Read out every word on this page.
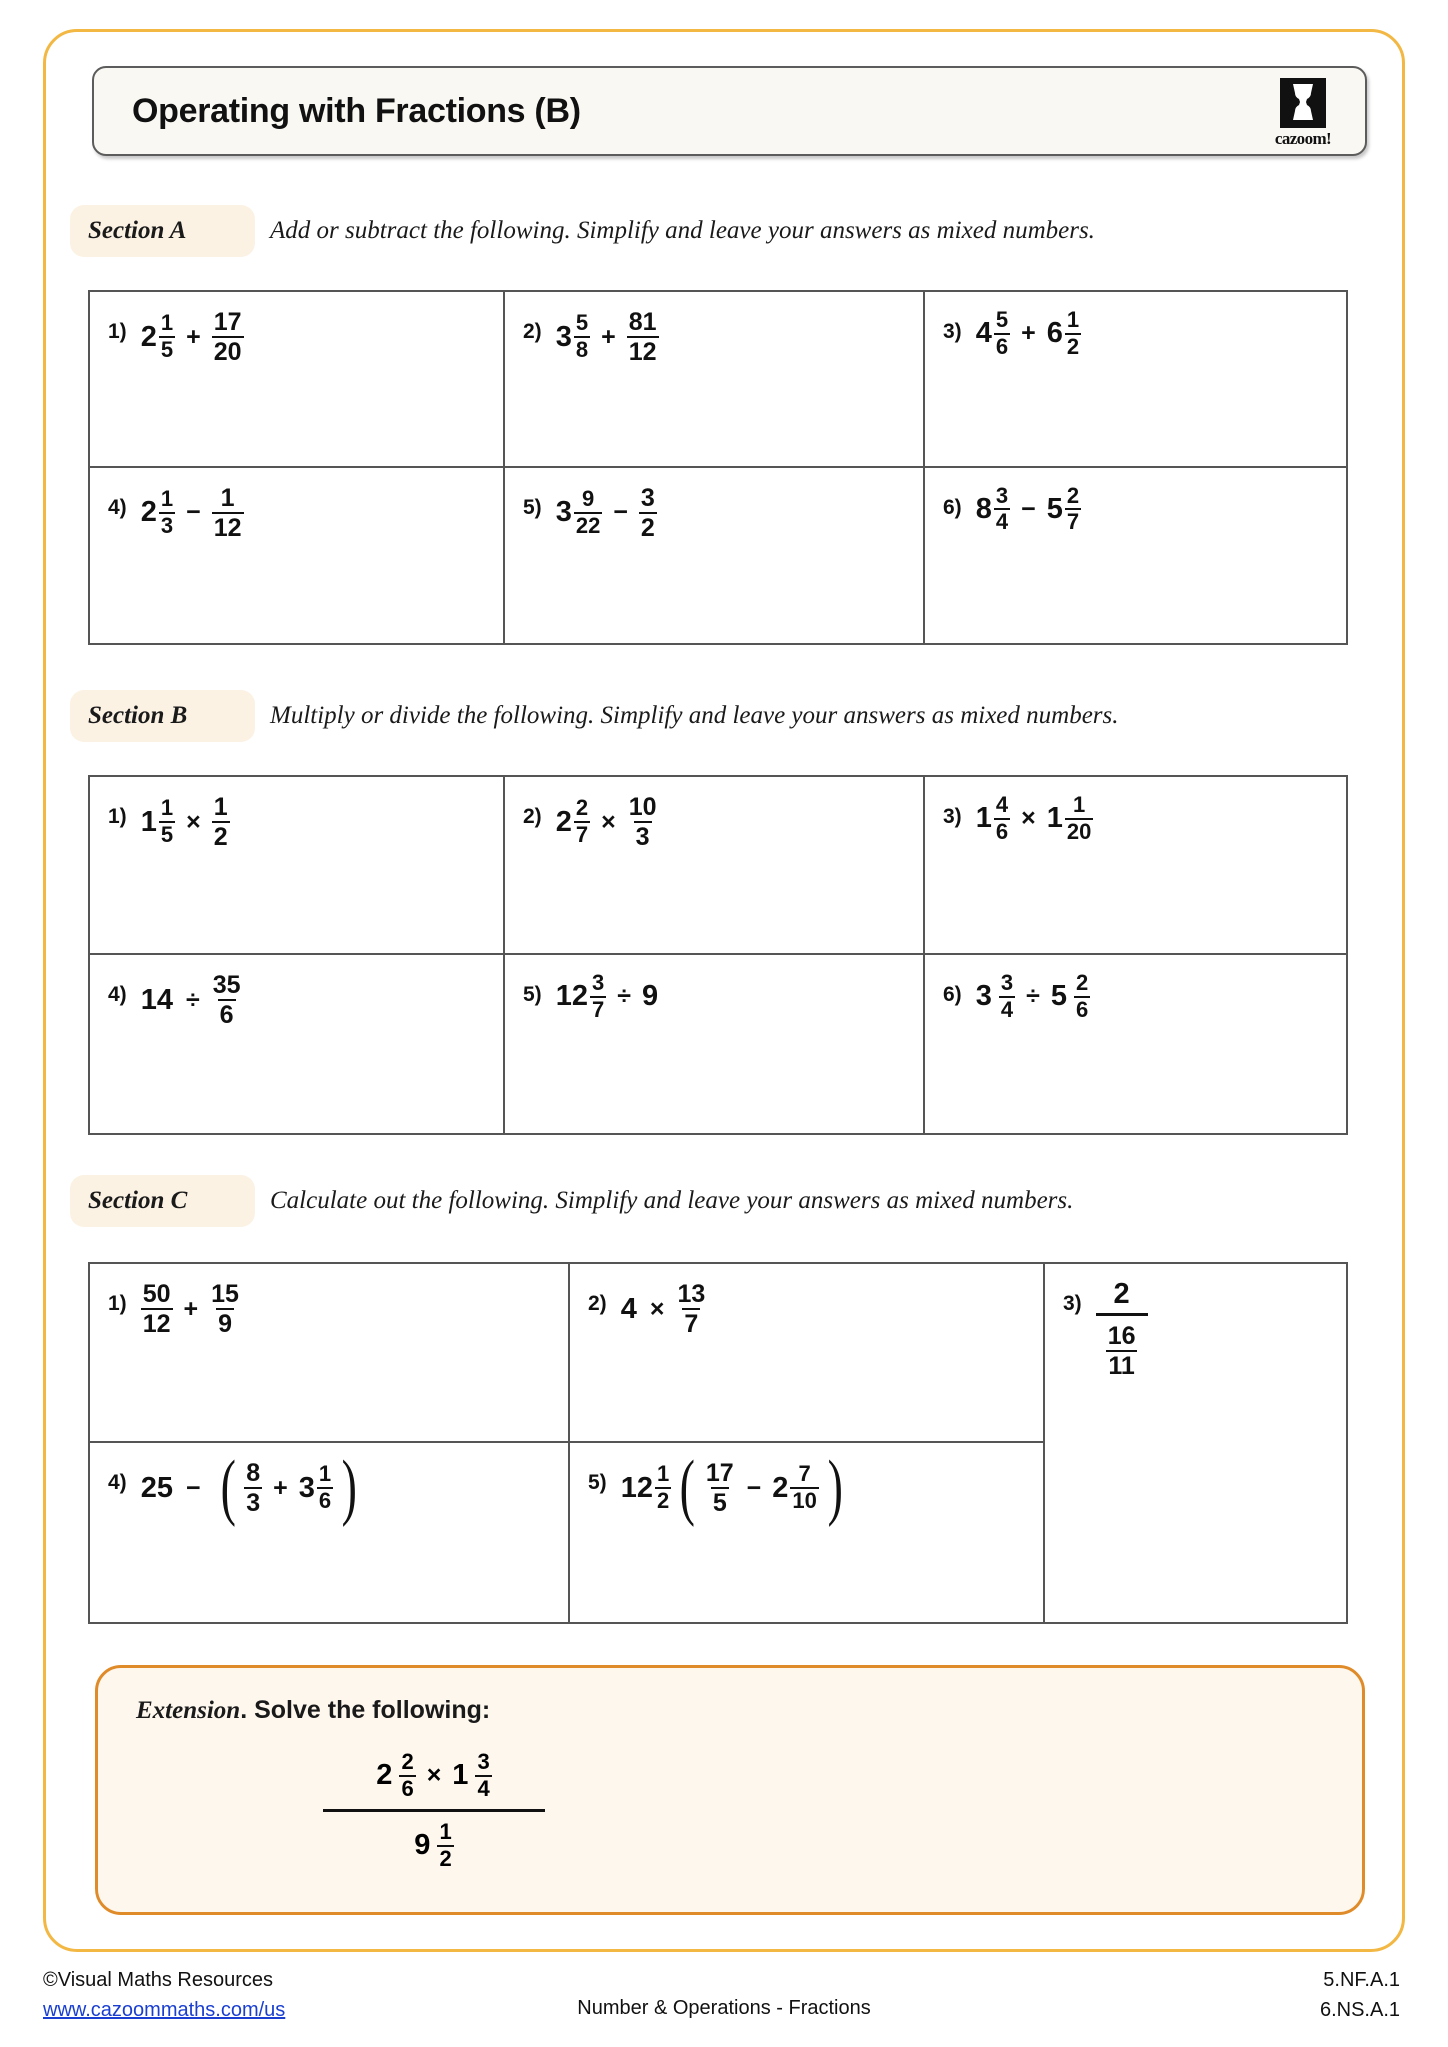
Operating with Fractions (B)
cazoom!
Section A	Add or subtract the following. Simplify and leave your answers as mixed numbers.
1) $2 \frac{1}{5} + \frac{17}{20}$	2) $3 \frac{5}{8} + \frac{81}{12}$	3) $4 \frac{5}{6} + 6 \frac{1}{2}$
4) $2 \frac{1}{3} - \frac{1}{12}$	5) $3 \frac{9}{22} - \frac{3}{2}$	6) $8 \frac{3}{4} - 5 \frac{2}{7}$
Section B	Multiply or divide the following. Simplify and leave your answers as mixed numbers.
1) $1 \frac{1}{5} \times \frac{1}{2}$	2) $2 \frac{2}{7} \times \frac{10}{3}$	3) $1 \frac{4}{6} \times 1 \frac{1}{20}$
4) $14 \div \frac{35}{6}$	5) $12 \frac{3}{7} \div 9$	6) $3 \frac{3}{4} \div 5 \frac{2}{6}$
Section C	Calculate out the following. Simplify and leave your answers as mixed numbers.
$1) \frac{50}{12} + \frac{15}{9}$	2) $4 \times \frac{13}{7}$	$3) \frac{2}{\frac{16}{11}}$
4) 25 − ( $\frac{8}{3} + 3 \frac{1}{6}$ )	5) $12 \frac{1}{2}$ ( $\frac{17}{5} - 2 \frac{7}{10}$ )
Extension. Solve the following:
$\frac{2 \frac{2}{6} \times 1 \frac{3}{4}}{9 \frac{1}{2}}$
©Visual Maths Resources
www.cazoommaths.com/us	Number & Operations - Fractions
5.NF.A.1
6.NS.A.1
